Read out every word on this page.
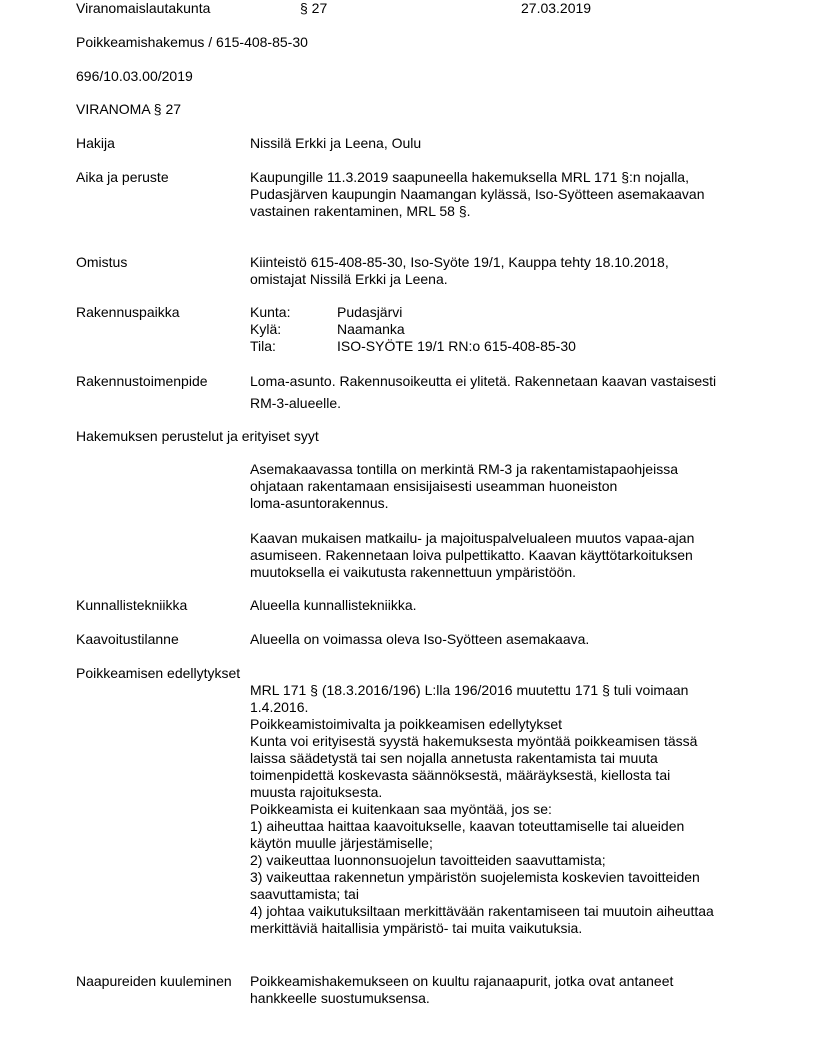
Viranomaislautakunta	§ 27	27.03.2019
Poikkeamishakemus / 615-408-85-30
696/10.03.00/2019
VIRANOMA § 27
Hakija	Nissilä Erkki ja Leena, Oulu
Aika ja peruste	Kaupungille 11.3.2019 saapuneella hakemuksella MRL 171 §:n nojalla,
Pudasjärven kaupungin Naamangan kylässä, Iso-Syötteen asemakaavan
vastainen rakentaminen, MRL 58 §.
Omistus	Kiinteistö 615-408-85-30, Iso-Syöte 19/1, Kauppa tehty 18.10.2018,
omistajat Nissilä Erkki ja Leena.
Rakennuspaikka	Kunta:	Pudasjärvi
Kylä:	Naamanka
Tila:	ISO-SYÖTE 19/1 RN:o 615-408-85-30
Rakennustoimenpide	Loma-asunto. Rakennusoikeutta ei ylitetä. Rakennetaan kaavan vastaisesti
RM-3-alueelle.
Hakemuksen perustelut ja erityiset syyt
Asemakaavassa tontilla on merkintä RM-3 ja rakentamistapaohjeissa
ohjataan rakentamaan ensisijaisesti useamman huoneiston
loma-asuntorakennus.
Kaavan mukaisen matkailu- ja majoituspalvelualeen muutos vapaa-ajan
asumiseen. Rakennetaan loiva pulpettikatto. Kaavan käyttötarkoituksen
muutoksella ei vaikutusta rakennettuun ympäristöön.
Kunnallistekniikka	Alueella kunnallistekniikka.
Kaavoitustilanne	Alueella on voimassa oleva Iso-Syötteen asemakaava.
Poikkeamisen edellytykset
MRL 171 § (18.3.2016/196) L:lla 196/2016 muutettu 171 § tuli voimaan
1.4.2016.
Poikkeamistoimivalta ja poikkeamisen edellytykset
Kunta voi erityisestä syystä hakemuksesta myöntää poikkeamisen tässä
laissa säädetystä tai sen nojalla annetusta rakentamista tai muuta
toimenpidettä koskevasta säännöksestä, määräyksestä, kiellosta tai
muusta rajoituksesta.
Poikkeamista ei kuitenkaan saa myöntää, jos se:
1) aiheuttaa haittaa kaavoitukselle, kaavan toteuttamiselle tai alueiden
käytön muulle järjestämiselle;
2) vaikeuttaa luonnonsuojelun tavoitteiden saavuttamista;
3) vaikeuttaa rakennetun ympäristön suojelemista koskevien tavoitteiden
saavuttamista; tai
4) johtaa vaikutuksiltaan merkittävään rakentamiseen tai muutoin aiheuttaa
merkittäviä haitallisia ympäristö- tai muita vaikutuksia.
Naapureiden kuuleminen Poikkeamishakemukseen on kuultu rajanaapurit, jotka ovat antaneet
hankkeelle suostumuksensa.
